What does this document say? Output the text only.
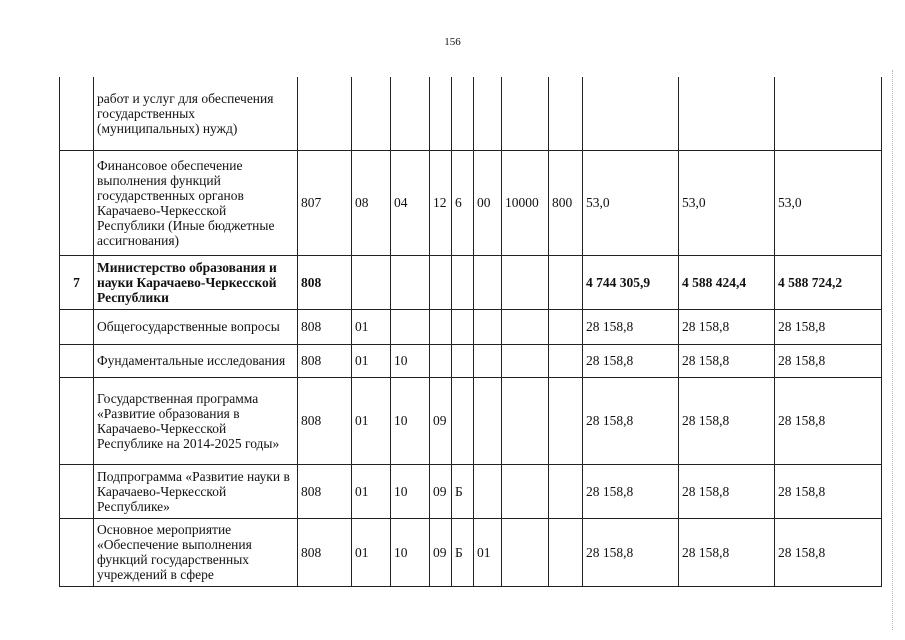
156
	работ и услуг для обеспечения государственных (муниципальных) нужд)											
	Финансовое обеспечение выполнения функций государственных органов Карачаево-Черкесской Республики (Иные бюджетные ассигнования)	807	08	04	12	6	00	10000	800	53,0	53,0	53,0
7	Министерство образования и науки Карачаево-Черкесской Республики	808								4 744 305,9	4 588 424,4	4 588 724,2
	Общегосударственные вопросы	808	01							28 158,8	28 158,8	28 158,8
	Фундаментальные исследования	808	01	10						28 158,8	28 158,8	28 158,8
	Государственная программа «Развитие образования в Карачаево-Черкесской Республике на 2014-2025 годы»	808	01	10	09					28 158,8	28 158,8	28 158,8
	Подпрограмма «Развитие науки в Карачаево-Черкесской Республике»	808	01	10	09	Б				28 158,8	28 158,8	28 158,8
	Основное мероприятие «Обеспечение выполнения функций государственных учреждений в сфере	808	01	10	09	Б	01			28 158,8	28 158,8	28 158,8
